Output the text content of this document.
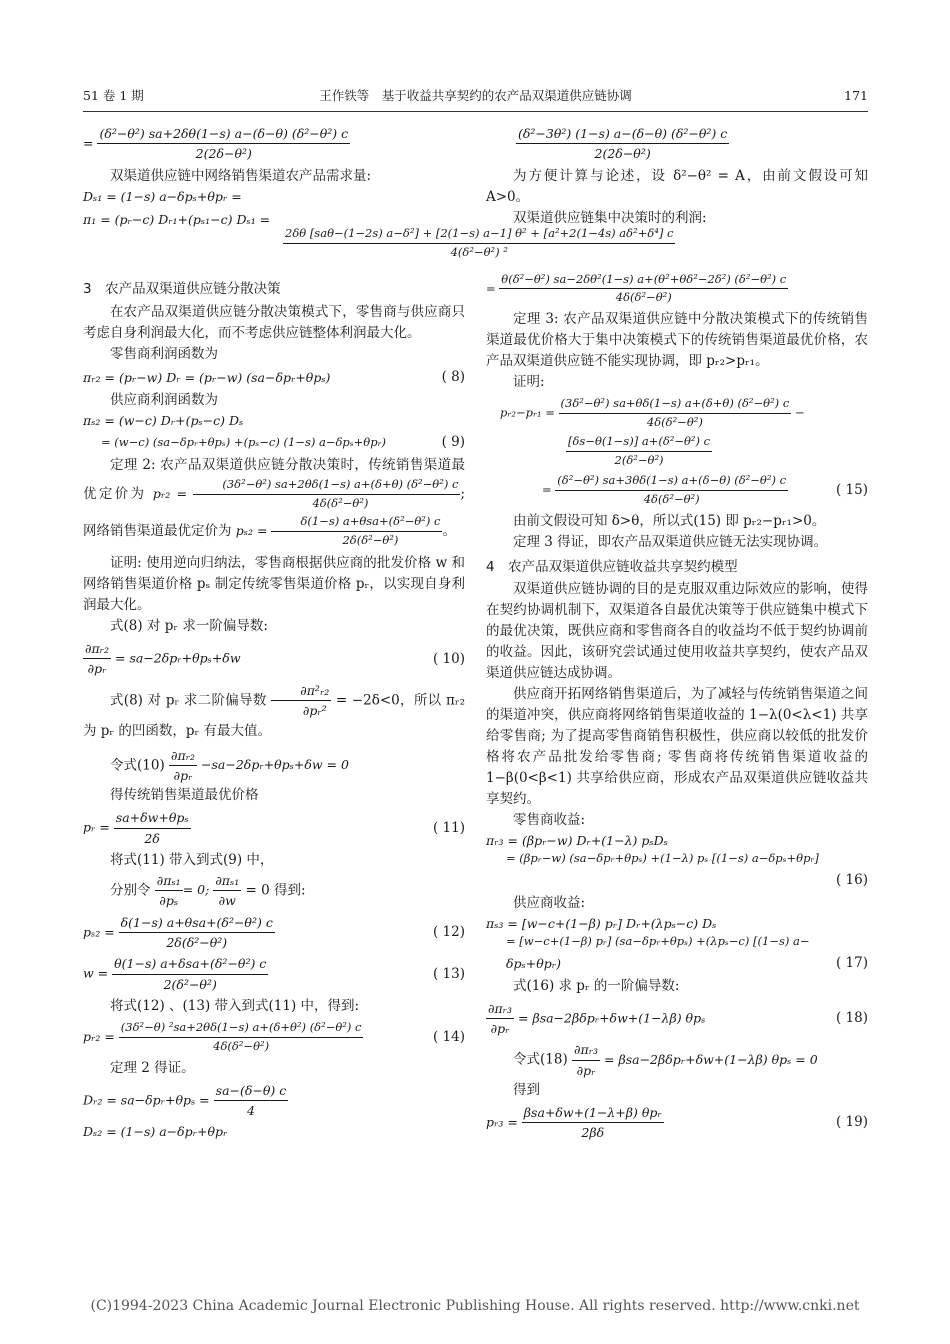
51 卷 1 期	王作铁等　基于收益共享契约的农产品双渠道供应链协调	171
= $\frac{\text{(δ²−θ²) sa+2δθ(1−s) a−(δ−θ) (δ²−θ²) c}}{\text{2(2δ−θ²)}}$

双渠道供应链中网络销售渠道农产品需求量:

Dₛ₁ = (1−s) a−δpₛ+θpᵣ =

π₁ = (pᵣ−c) Dᵣ₁+(pₛ₁−c) Dₛ₁ =

3　农产品双渠道供应链分散决策

在农产品双渠道供应链分散决策模式下，零售商与供应商只考虑自身利润最大化，而不考虑供应链整体利润最大化。

零售商利润函数为

πᵣ₂ = (pᵣ−w) Dᵣ = (pᵣ−w) (sa−δpᵣ+θpₛ)	( 8)

供应商利润函数为

πₛ₂ = (w−c) Dᵣ+(pₛ−c) Dₛ

= (w−c) (sa−δpᵣ+θpₛ) +(pₛ−c) (1−s) a−δpₛ+θpᵣ)	( 9)

定理 2: 农产品双渠道供应链分散决策时，传统销售渠道最优定价为 pᵣ₂ = $\frac{\text{(3δ²−θ²) sa+2θδ(1−s) a+(δ+θ) (δ²−θ²) c}}{\text{4δ(δ²−θ²)}}$ ; 网络销售渠道最优定价为 $p_{s2} = \frac{\text{δ(1−s) a+θsa+(δ²−θ²) c}}{\text{2δ(δ²−θ²)}}$ 。

证明: 使用逆向归纳法，零售商根据供应商的批发价格 w 和网络销售渠道价格 pₛ 制定传统零售渠道价格 pᵣ，以实现自身利润最大化。

式(8) 对 pᵣ 求一阶偏导数:

$\frac{\text{∂πᵣ₂}}{\text{∂pᵣ}}$ = sa−2δpᵣ+θpₛ+δw	( 10)

式(8) 对 pᵣ 求二阶偏导数 $\frac{\text{∂π²ᵣ₂}}{\text{∂pᵣ²}} = -2\delta<0$，所以 πᵣ₂ 为 pᵣ 的凹函数，pᵣ 有最大值。

令式$(10) \frac{\text{∂πᵣ₂}}{\text{∂pᵣ}}$ −sa−2δpᵣ+θpₛ+δw = 0

得传统销售渠道最优价格

pᵣ = $\frac{\text{sa+δw+θpₛ}}{2\delta}$	( 11)

将式(11) 带入到式(9) 中，

分别令 $\frac{\text{∂πₛ₁}}{\text{∂pₛ}} = 0$; $\frac{\text{∂πₛ₁}}{\partial w} = 0$ 得到:

$p_{s2} = \frac{\text{δ(1−s) a+θsa+(δ²−θ²) c}}{\text{2δ(δ²−θ²)}}$	( 12)
$w = \frac{\text{θ(1−s) a+δsa+(δ²−θ²) c}}{\text{2(δ²−θ²)}}$	( 13)

将式(12) 、(13) 带入到式(11) 中，得到:

pᵣ₂ = $\frac{\text{(3δ²−θ) ²sa+2θδ(1−s) a+(δ+θ²) (δ²−θ²) c}}{\text{4δ(δ²−θ²)}}$	( 14)

定理 2 得证。

Dᵣ₂ = sa−δpᵣ+θpₛ = $\frac{sa-(\delta-\theta) c}{4}$

Dₛ₂ = (1−s) a−δpᵣ+θpᵣ

2δθ [saθ−(1−2s) a−δ²] + [2(1−s) a−1] θ² + [a²+2(1−4s) aδ²+δ⁴] c
4(δ²−θ²) ²
$\frac{\text{(δ²−3θ²) (1−s) a−(δ−θ) (δ²−θ²) c}}{\text{2(2δ−θ²)}}$

为方便计算与论述，设 δ²−θ² = A，由前文假设可知 A>0。

双渠道供应链集中决策时的利润:

= $\frac{\text{θ(δ²−θ²) sa−2δθ²(1−s) a+(θ²+θδ²−2δ²) (δ²−θ²) c}}{\text{4δ(δ²−θ²)}}$

定理 3: 农产品双渠道供应链中分散决策模式下的传统销售渠道最优价格大于集中决策模式下的传统销售渠道最优价格，农产品双渠道供应链不能实现协调，即 pᵣ₂>pᵣ₁。

证明:

pᵣ₂−pᵣ₁ = $\frac{\text{(3δ²−θ²) sa+θδ(1−s) a+(δ+θ) (δ²−θ²) c}}{\text{4δ(δ²−θ²)}}$ −
$\frac{\text{[δs−θ(1−s)] a+(δ²−θ²) c}}{\text{2(δ²−θ²)}}$
= $\frac{\text{(δ²−θ²) sa+3θδ(1−s) a+(δ−θ) (δ²−θ²) c}}{\text{4δ(δ²−θ²)}}$	( 15)

由前文假设可知 δ>θ，所以式(15) 即 pᵣ₂−pᵣ₁>0。

定理 3 得证，即农产品双渠道供应链无法实现协调。

4　农产品双渠道供应链收益共享契约模型

双渠道供应链协调的目的是克服双重边际效应的影响，使得在契约协调机制下，双渠道各自最优决策等于供应链集中模式下的最优决策，既供应商和零售商各自的收益均不低于契约协调前的收益。因此，该研究尝试通过使用收益共享契约，使农产品双渠道供应链达成协调。

供应商开拓网络销售渠道后，为了减轻与传统销售渠道之间的渠道冲突，供应商将网络销售渠道收益的 1−λ(0<λ<1) 共享给零售商; 为了提高零售商销售积极性，供应商以较低的批发价格将农产品批发给零售商; 零售商将传统销售渠道收益的 1−β(0<β<1) 共享给供应商，形成农产品双渠道供应链收益共享契约。

零售商收益:

πᵣ₃ = (βpᵣ−w) Dᵣ+(1−λ) pₛDₛ

= (βpᵣ−w) (sa−δpᵣ+θpₛ) +(1−λ) pₛ [(1−s) a−δpₛ+θpᵣ]

( 16)

供应商收益:

πₛ₃ = [w−c+(1−β) pᵣ] Dᵣ+(λpₛ−c) Dₛ

= [w−c+(1−β) pᵣ] (sa−δpᵣ+θpₛ) +(λpₛ−c) [(1−s) a−

δpₛ+θpᵣ)	( 17)

式(16) 求 pᵣ 的一阶偏导数:

$\frac{\text{∂πᵣ₃}}{\text{∂pᵣ}}$ = βsa−2βδpᵣ+δw+(1−λβ) θpₛ	( 18)

令式$(18) \frac{\text{∂πᵣ₃}}{\text{∂pᵣ}}$ = βsa−2βδpᵣ+δw+(1−λβ) θpₛ = 0

得到

pᵣ₃ = $\frac{\text{βsa+δw+(1−λ+β) θpᵣ}}{2\beta\delta}$	( 19)
(C)1994-2023 China Academic Journal Electronic Publishing House. All rights reserved. http://www.cnki.net
